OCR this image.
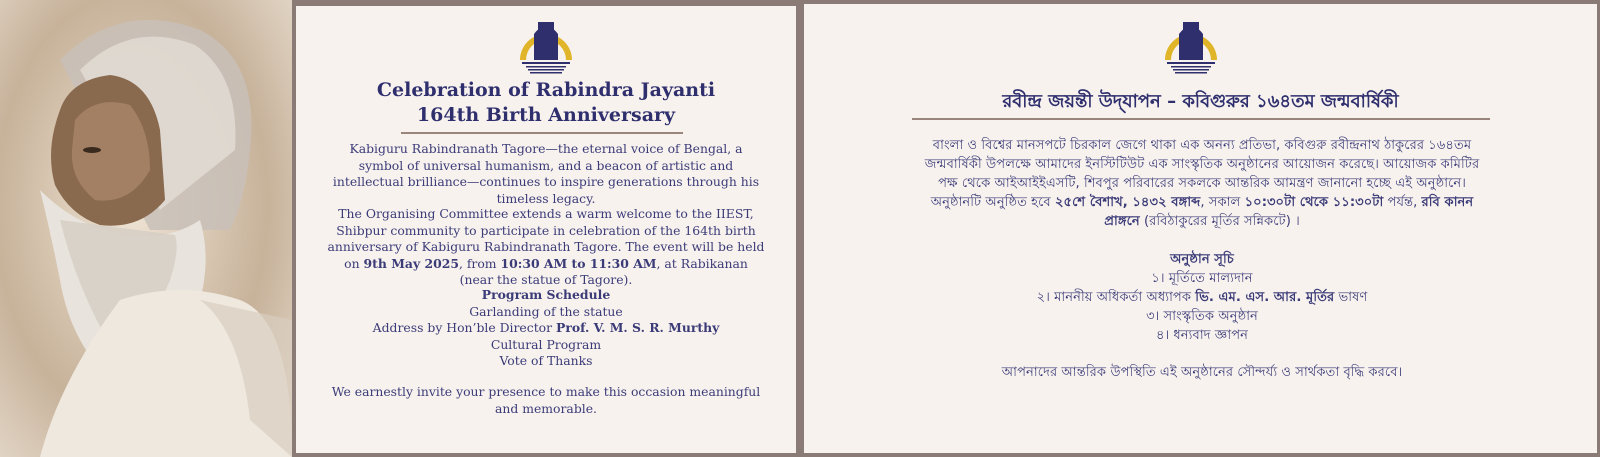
Celebration of Rabindra Jayanti
164th Birth Anniversary

Kabiguru Rabindranath Tagore—the eternal voice of Bengal, a symbol of universal humanism, and a beacon of artistic and intellectual brilliance—continues to inspire generations through his timeless legacy.

The Organising Committee extends a warm welcome to the IIEST, Shibpur community to participate in celebration of the 164th birth anniversary of Kabiguru Rabindranath Tagore. The event will be held on 9th May 2025, from 10:30 AM to 11:30 AM, at Rabikanan (near the statue of Tagore).

Program Schedule

Garlanding of the statue

Address by Hon’ble Director Prof. V. M. S. R. Murthy

Cultural Program

Vote of Thanks

We earnestly invite your presence to make this occasion meaningful and memorable.

রবীন্দ্র জয়ন্তী উদ্‌যাপন – কবিগুরুর ১৬৪তম জন্মবার্ষিকী

বাংলা ও বিশ্বের মানসপটে চিরকাল জেগে থাকা এক অনন্য প্রতিভা, কবিগুরু রবীন্দ্রনাথ ঠাকুরের ১৬৪তম জন্মবার্ষিকী উপলক্ষে আমাদের ইনস্টিটিউট এক সাংস্কৃতিক অনুষ্ঠানের আয়োজন করেছে। আয়োজক কমিটির পক্ষ থেকে আইআইইএসটি, শিবপুর পরিবারের সকলকে আন্তরিক আমন্ত্রণ জানানো হচ্ছে এই অনুষ্ঠানে। অনুষ্ঠানটি অনুষ্ঠিত হবে ২৫শে বৈশাখ, ১৪৩২ বঙ্গাব্দ, সকাল ১০:৩০টা থেকে ১১:৩০টা পর্যন্ত, রবি কানন প্রাঙ্গনে (রবিঠাকুরের মূর্তির সন্নিকটে) ।

অনুষ্ঠান সূচি

১। মূর্তিতে মাল্যদান

২। মাননীয় অধিকর্তা অধ্যাপক ভি. এম. এস. আর. মূর্তির ভাষণ

৩। সাংস্কৃতিক অনুষ্ঠান

৪। ধন্যবাদ জ্ঞাপন

আপনাদের আন্তরিক উপস্থিতি এই অনুষ্ঠানের সৌন্দর্য্য ও সার্থকতা বৃদ্ধি করবে।
